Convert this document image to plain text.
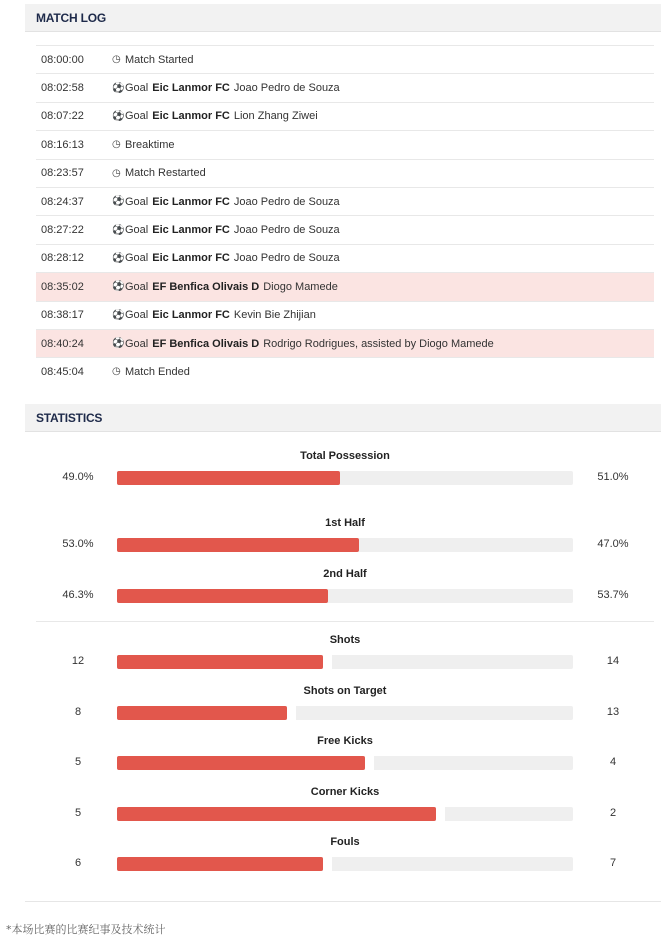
MATCH LOG
08:00:00	◷ Match Started
08:02:58	⚽ Goal Eic Lanmor FC Joao Pedro de Souza
08:07:22	⚽ Goal Eic Lanmor FC Lion Zhang Ziwei
08:16:13	◷ Breaktime
08:23:57	◷ Match Restarted
08:24:37	⚽ Goal Eic Lanmor FC Joao Pedro de Souza
08:27:22	⚽ Goal Eic Lanmor FC Joao Pedro de Souza
08:28:12	⚽ Goal Eic Lanmor FC Joao Pedro de Souza
08:35:02	⚽ Goal EF Benfica Olivais D Diogo Mamede
08:38:17	⚽ Goal Eic Lanmor FC Kevin Bie Zhijian
08:40:24	⚽ Goal EF Benfica Olivais D Rodrigo Rodrigues, assisted by Diogo Mamede
08:45:04	◷ Match Ended
STATISTICS
Total Possession
49.0%	51.0%
1st Half
53.0%	47.0%
2nd Half
46.3%	53.7%
Shots
12	14
Shots on Target
8	13
Free Kicks
5	4
Corner Kicks
5	2
Fouls
6	7
*本场比赛的比赛纪事及技术统计
